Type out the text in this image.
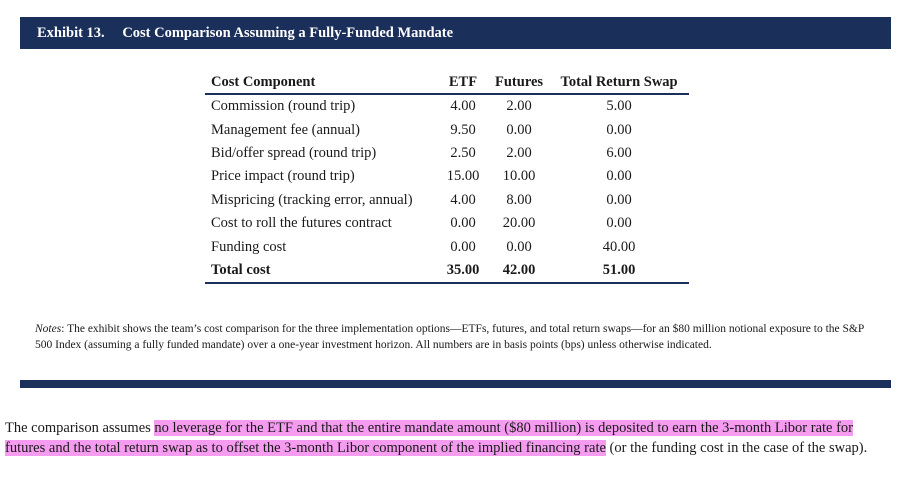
Exhibit 13. Cost Comparison Assuming a Fully-Funded Mandate
Cost Component	ETF	Futures	Total Return Swap
Commission (round trip)	4.00	2.00	5.00
Management fee (annual)	9.50	0.00	0.00
Bid/offer spread (round trip)	2.50	2.00	6.00
Price impact (round trip)	15.00	10.00	0.00
Mispricing (tracking error, annual)	4.00	8.00	0.00
Cost to roll the futures contract	0.00	20.00	0.00
Funding cost	0.00	0.00	40.00
Total cost	35.00	42.00	51.00
Notes: The exhibit shows the team’s cost comparison for the three implementation options—ETFs, futures, and total return swaps—for an $80 million notional exposure to the S&P 500 Index (assuming a fully funded mandate) over a one-year investment horizon. All numbers are in basis points (bps) unless otherwise indicated.
The comparison assumes no leverage for the ETF and that the entire mandate amount ($80 million) is deposited to earn the 3-month Libor rate for futures and the total return swap as to offset the 3-month Libor component of the implied financing rate (or the funding cost in the case of the swap).
